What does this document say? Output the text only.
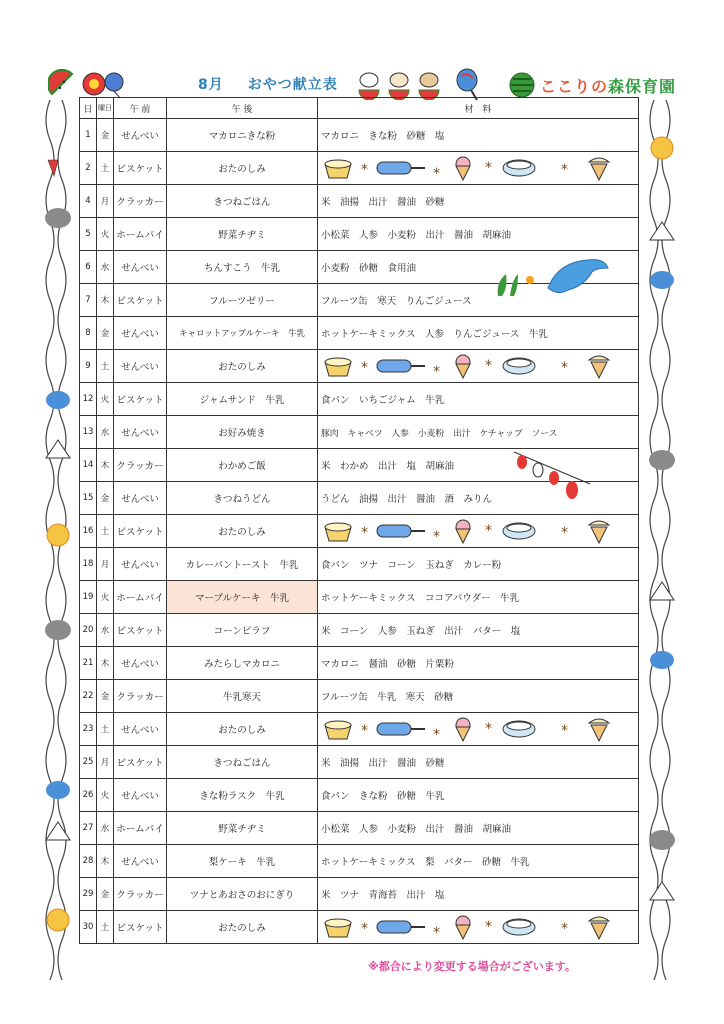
8月 おやつ献立表	ここりの森保育園
日	曜日	午 前	午 後	材　料
1	金	せんべい	マカロニきな粉	マカロニ　きな粉　砂糖　塩
2	土	ビスケット	おたのしみ	* * * *

4	月	クラッカー	きつねごはん	米　油揚　出汁　醤油　砂糖
5	火	ホームパイ	野菜チヂミ	小松菜　人参　小麦粉　出汁　醤油　胡麻油
6	水	せんべい	ちんすこう　牛乳	小麦粉　砂糖　食用油
7	木	ビスケット	フルーツゼリー	フルーツ缶　寒天　りんごジュース
8	金	せんべい	キャロットアップルケーキ　牛乳	ホットケーキミックス　人参　りんごジュース　牛乳
9	土	せんべい	おたのしみ	* * * *

12	火	ビスケット	ジャムサンド　牛乳	食パン　いちごジャム　牛乳
13	水	せんべい	お好み焼き	豚肉　キャベツ　人参　小麦粉　出汁　ケチャップ　ソース
14	木	クラッカー	わかめご飯	米　わかめ　出汁　塩　胡麻油
15	金	せんべい	きつねうどん	うどん　油揚　出汁　醤油　酒　みりん
16	土	ビスケット	おたのしみ	* * * *

18	月	せんべい	カレーパントースト　牛乳	食パン　ツナ　コーン　玉ねぎ　カレー粉
19	火	ホームパイ	マーブルケーキ　牛乳	ホットケーキミックス　ココアパウダー　牛乳
20	水	ビスケット	コーンピラフ	米　コーン　人参　玉ねぎ　出汁　バター　塩
21	木	せんべい	みたらしマカロニ	マカロニ　醤油　砂糖　片栗粉
22	金	クラッカー	牛乳寒天	フルーツ缶　牛乳　寒天　砂糖
23	土	せんべい	おたのしみ	* * * *

25	月	ビスケット	きつねごはん	米　油揚　出汁　醤油　砂糖
26	火	せんべい	きな粉ラスク　牛乳	食パン　きな粉　砂糖　牛乳
27	水	ホームパイ	野菜チヂミ	小松菜　人参　小麦粉　出汁　醤油　胡麻油
28	木	せんべい	梨ケーキ　牛乳	ホットケーキミックス　梨　バター　砂糖　牛乳
29	金	クラッカー	ツナとあおさのおにぎり	米　ツナ　青海苔　出汁　塩
30	土	ビスケット	おたのしみ	* * * *
※都合により変更する場合がございます。
